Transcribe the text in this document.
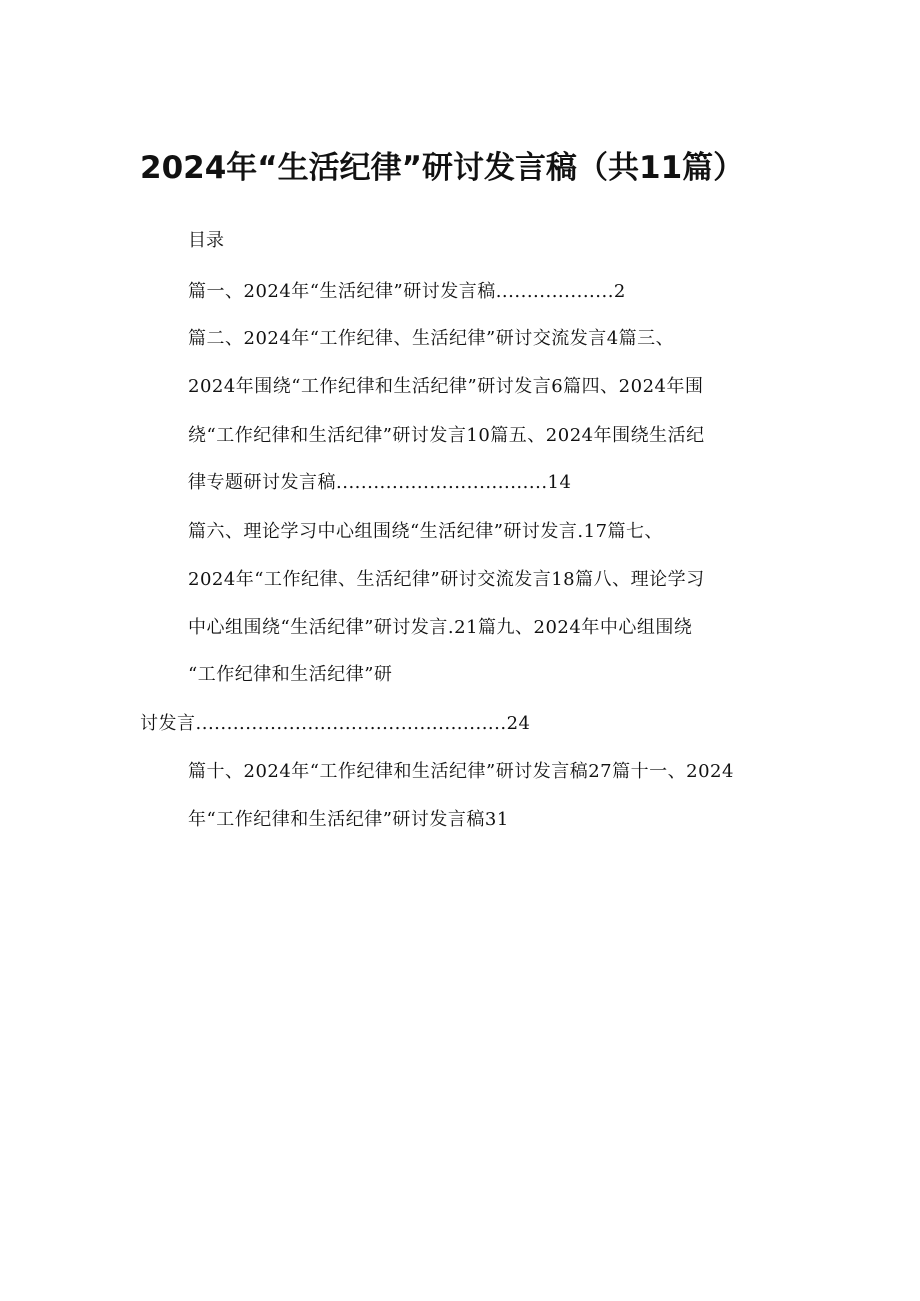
2024年“生活纪律”研讨发言稿（共11篇）
目录
篇一、2024年“生活纪律”研讨发言稿...................2
篇二、2024年“工作纪律、生活纪律”研讨交流发言4篇三、
2024年围绕“工作纪律和生活纪律”研讨发言6篇四、2024年围
绕“工作纪律和生活纪律”研讨发言10篇五、2024年围绕生活纪
律专题研讨发言稿..................................14
篇六、理论学习中心组围绕“生活纪律”研讨发言.17篇七、
2024年“工作纪律、生活纪律”研讨交流发言18篇八、理论学习
中心组围绕“生活纪律”研讨发言.21篇九、2024年中心组围绕
“工作纪律和生活纪律”研
讨发言..................................................24
篇十、2024年“工作纪律和生活纪律”研讨发言稿27篇十一、2024
年“工作纪律和生活纪律”研讨发言稿31
